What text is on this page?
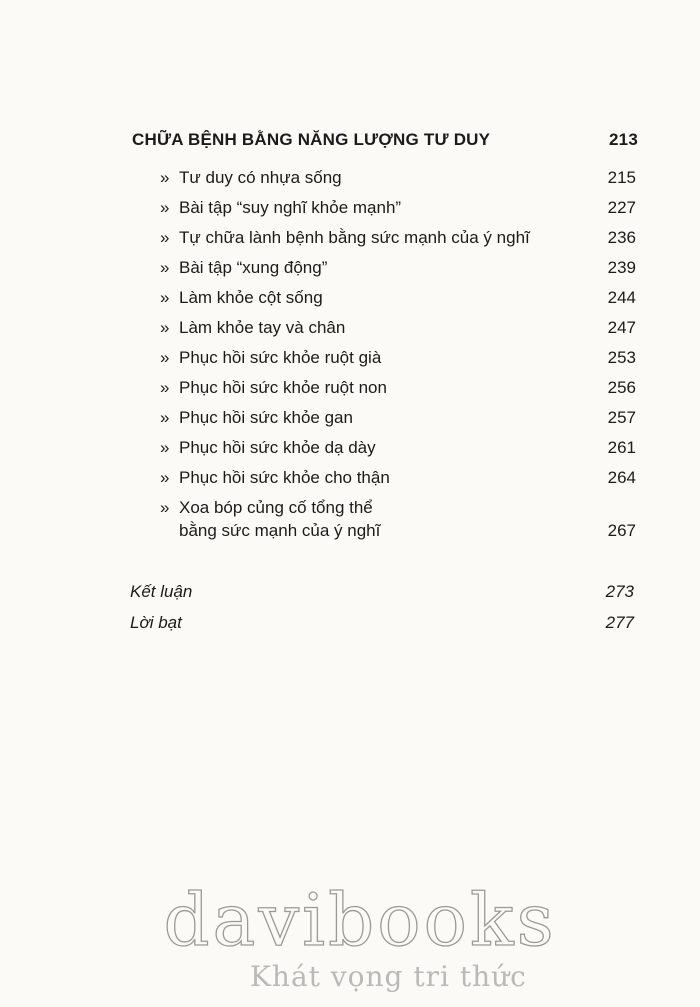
CHỮA BỆNH BẰNG NĂNG LƯỢNG TƯ DUY	213
» Tư duy có nhựa sống	215
» Bài tập “suy nghĩ khỏe mạnh”	227
» Tự chữa lành bệnh bằng sức mạnh của ý nghĩ	236
» Bài tập “xung động”	239
» Làm khỏe cột sống	244
» Làm khỏe tay và chân	247
» Phục hồi sức khỏe ruột già	253
» Phục hồi sức khỏe ruột non	256
» Phục hồi sức khỏe gan	257
» Phục hồi sức khỏe dạ dày	261
» Phục hồi sức khỏe cho thận	264
» Xoa bóp củng cố tổng thể
bằng sức mạnh của ý nghĩ	267
Kết luận	273
Lời bạt	277
davibooks
Khát vọng tri thức
